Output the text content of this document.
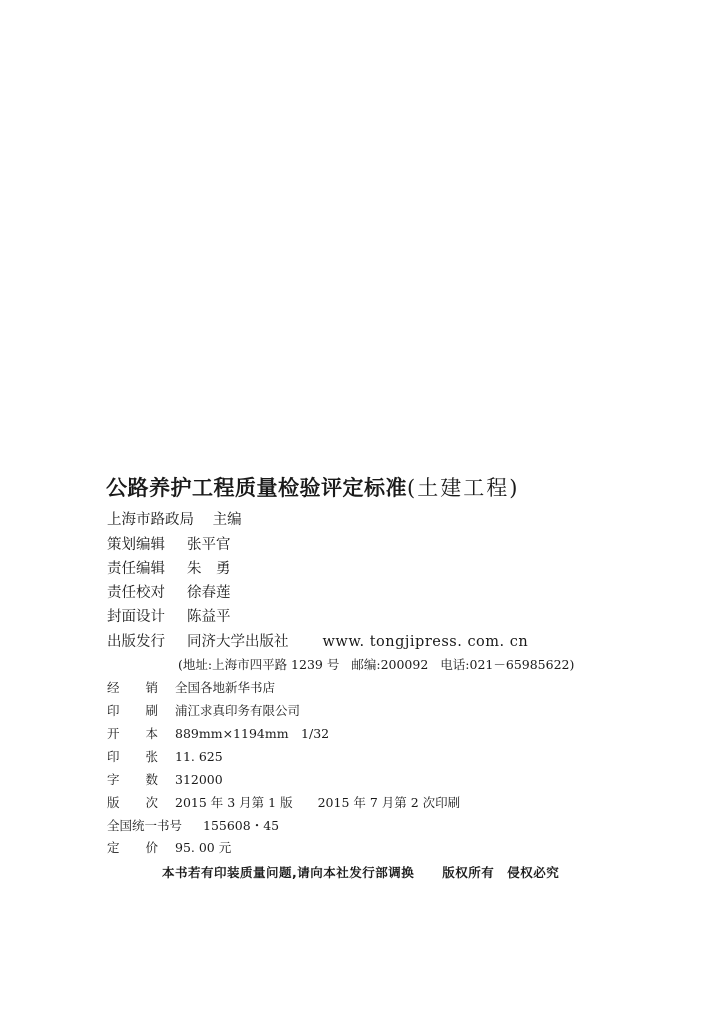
公路养护工程质量检验评定标准(土建工程)
上海市路政局 主编
策划编辑 张平官
责任编辑 朱　勇
责任校对 徐春莲
封面设计 陈益平
出版发行 同济大学出版社 www. tongjipress. com. cn
(地址:上海市四平路 1239 号 邮编:200092 电话:021－65985622)
经销全国各地新华书店
印刷浦江求真印务有限公司
开本889mm×1194mm　1/32
印张11. 625
字数312000
版次2015 年 3 月第 1 版　　2015 年 7 月第 2 次印刷
全国统一书号 155608・45
定价95. 00 元
本书若有印装质量问题,请向本社发行部调换 版权所有　侵权必究
